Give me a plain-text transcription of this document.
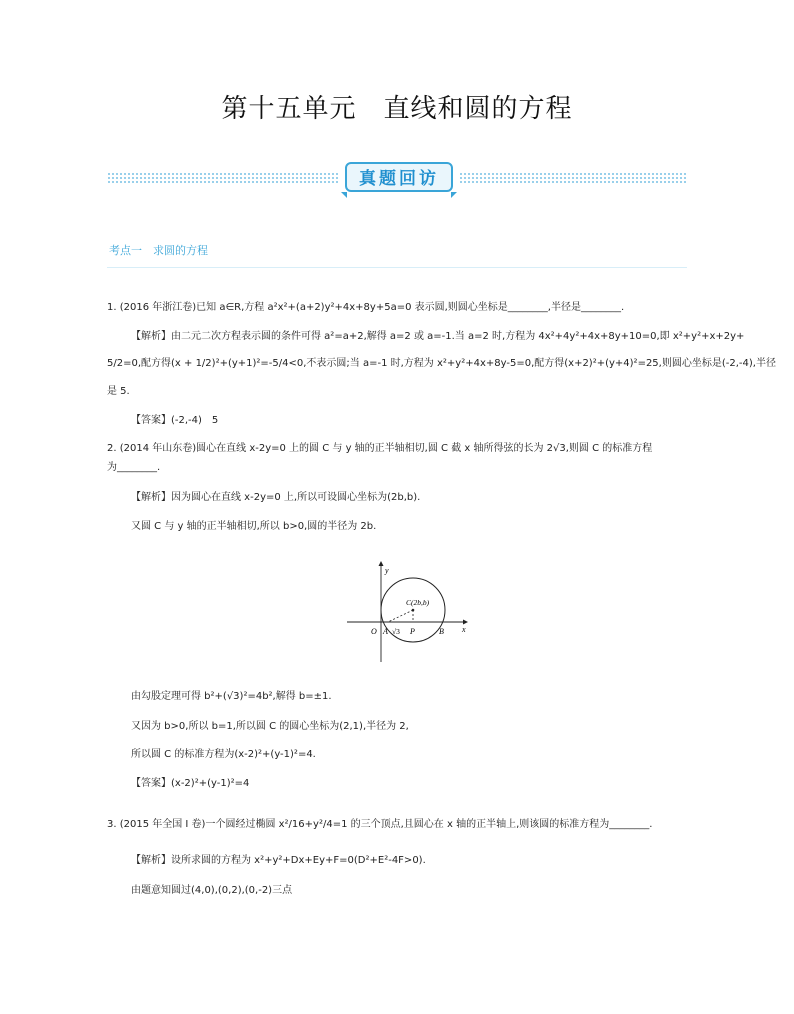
第十五单元　直线和圆的方程
真题回访
考点一　求圆的方程
1. (2016 年浙江卷)已知 a∈R,方程 a²x²+(a+2)y²+4x+8y+5a=0 表示圆,则圆心坐标是________,半径是________.
【解析】由二元二次方程表示圆的条件可得 a²=a+2,解得 a=2 或 a=-1.当 a=2 时,方程为 4x²+4y²+4x+8y+10=0,即 x²+y²+x+2y+
5/2=0,配方得(x + 1/2)²+(y+1)²=-5/4<0,不表示圆;当 a=-1 时,方程为 x²+y²+4x+8y-5=0,配方得(x+2)²+(y+4)²=25,则圆心坐标是(-2,-4),半径
是 5.
【答案】(-2,-4)　5
2. (2014 年山东卷)圆心在直线 x-2y=0 上的圆 C 与 y 轴的正半轴相切,圆 C 截 x 轴所得弦的长为 2√3,则圆 C 的标准方程
为________.
【解析】因为圆心在直线 x-2y=0 上,所以可设圆心坐标为(2b,b).
又圆 C 与 y 轴的正半轴相切,所以 b>0,圆的半径为 2b.
y
x
O A √3 P	B
C(2b,b)
由勾股定理可得 b²+(√3)²=4b²,解得 b=±1.
又因为 b>0,所以 b=1,所以圆 C 的圆心坐标为(2,1),半径为 2,
所以圆 C 的标准方程为(x-2)²+(y-1)²=4.
【答案】(x-2)²+(y-1)²=4
3. (2015 年全国 Ⅰ 卷)一个圆经过椭圆 x²/16+y²/4=1 的三个顶点,且圆心在 x 轴的正半轴上,则该圆的标准方程为________.
【解析】设所求圆的方程为 x²+y²+Dx+Ey+F=0(D²+E²-4F>0).
由题意知圆过(4,0),(0,2),(0,-2)三点
